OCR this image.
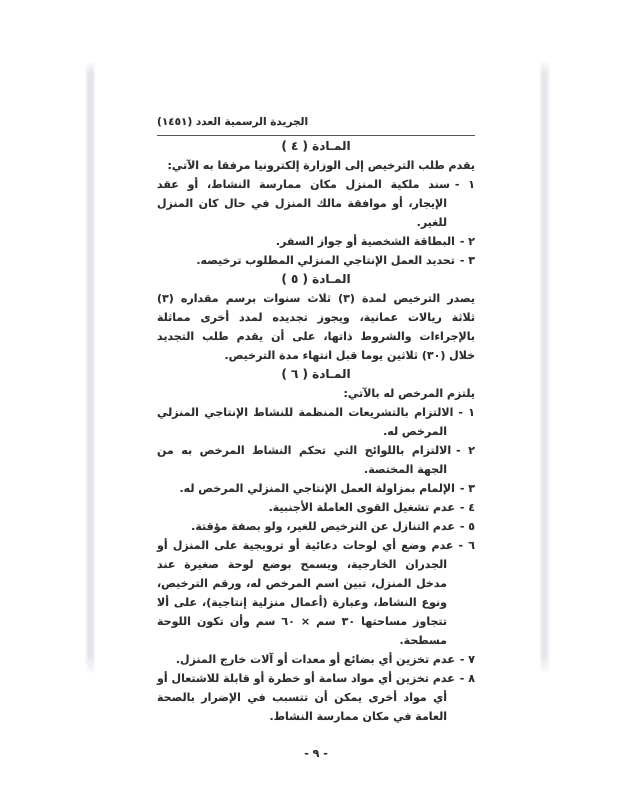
الجريدة الرسمية العدد (١٤٥١)
المـادة ( ٤ )

يقدم طلب الترخيص إلى الوزارة إلكترونيا مرفقا به الآتي:

١ -سند ملكية المنزل مكان ممارسة النشاط، أو عقد الإيجار، أو موافقة مالك المنزل في حال كان المنزل للغير.
٢ -البطاقة الشخصية أو جواز السفر.
٣ -تحديد العمل الإنتاجي المنزلي المطلوب ترخيصه.
المـادة ( ٥ )

يصدر الترخيص لمدة (٣) ثلاث سنوات برسم مقداره (٣) ثلاثة ريالات عمانية، ويجوز تجديده لمدد أخرى مماثلة بالإجراءات والشروط ذاتها، على أن يقدم طلب التجديد خلال (٣٠) ثلاثين يوما قبل انتهاء مدة الترخيص.

المـادة ( ٦ )

يلتزم المرخص له بالآتي:

١ -الالتزام بالتشريعات المنظمة للنشاط الإنتاجي المنزلي المرخص له.
٢ -الالتزام باللوائح التي تحكم النشاط المرخص به من الجهة المختصة.
٣ -الإلمام بمزاولة العمل الإنتاجي المنزلي المرخص له.
٤ -عدم تشغيل القوى العاملة الأجنبية.
٥ -عدم التنازل عن الترخيص للغير، ولو بصفة مؤقتة.
٦ -عدم وضع أي لوحات دعائية أو ترويجية على المنزل أو الجدران الخارجية، ويسمح بوضع لوحة صغيرة عند مدخل المنزل، تبين اسم المرخص له، ورقم الترخيص، ونوع النشاط، وعبارة (أعمال منزلية إنتاجية)، على ألا تتجاوز مساحتها ٣٠ سم × ٦٠ سم وأن تكون اللوحة مسطحة.
٧ -عدم تخزين أي بضائع أو معدات أو آلات خارج المنزل.
٨ -عدم تخزين أي مواد سامة أو خطرة أو قابلة للاشتعال أو أي مواد أخرى يمكن أن تتسبب في الإضرار بالصحة العامة في مكان ممارسة النشاط.
- ٩ -
